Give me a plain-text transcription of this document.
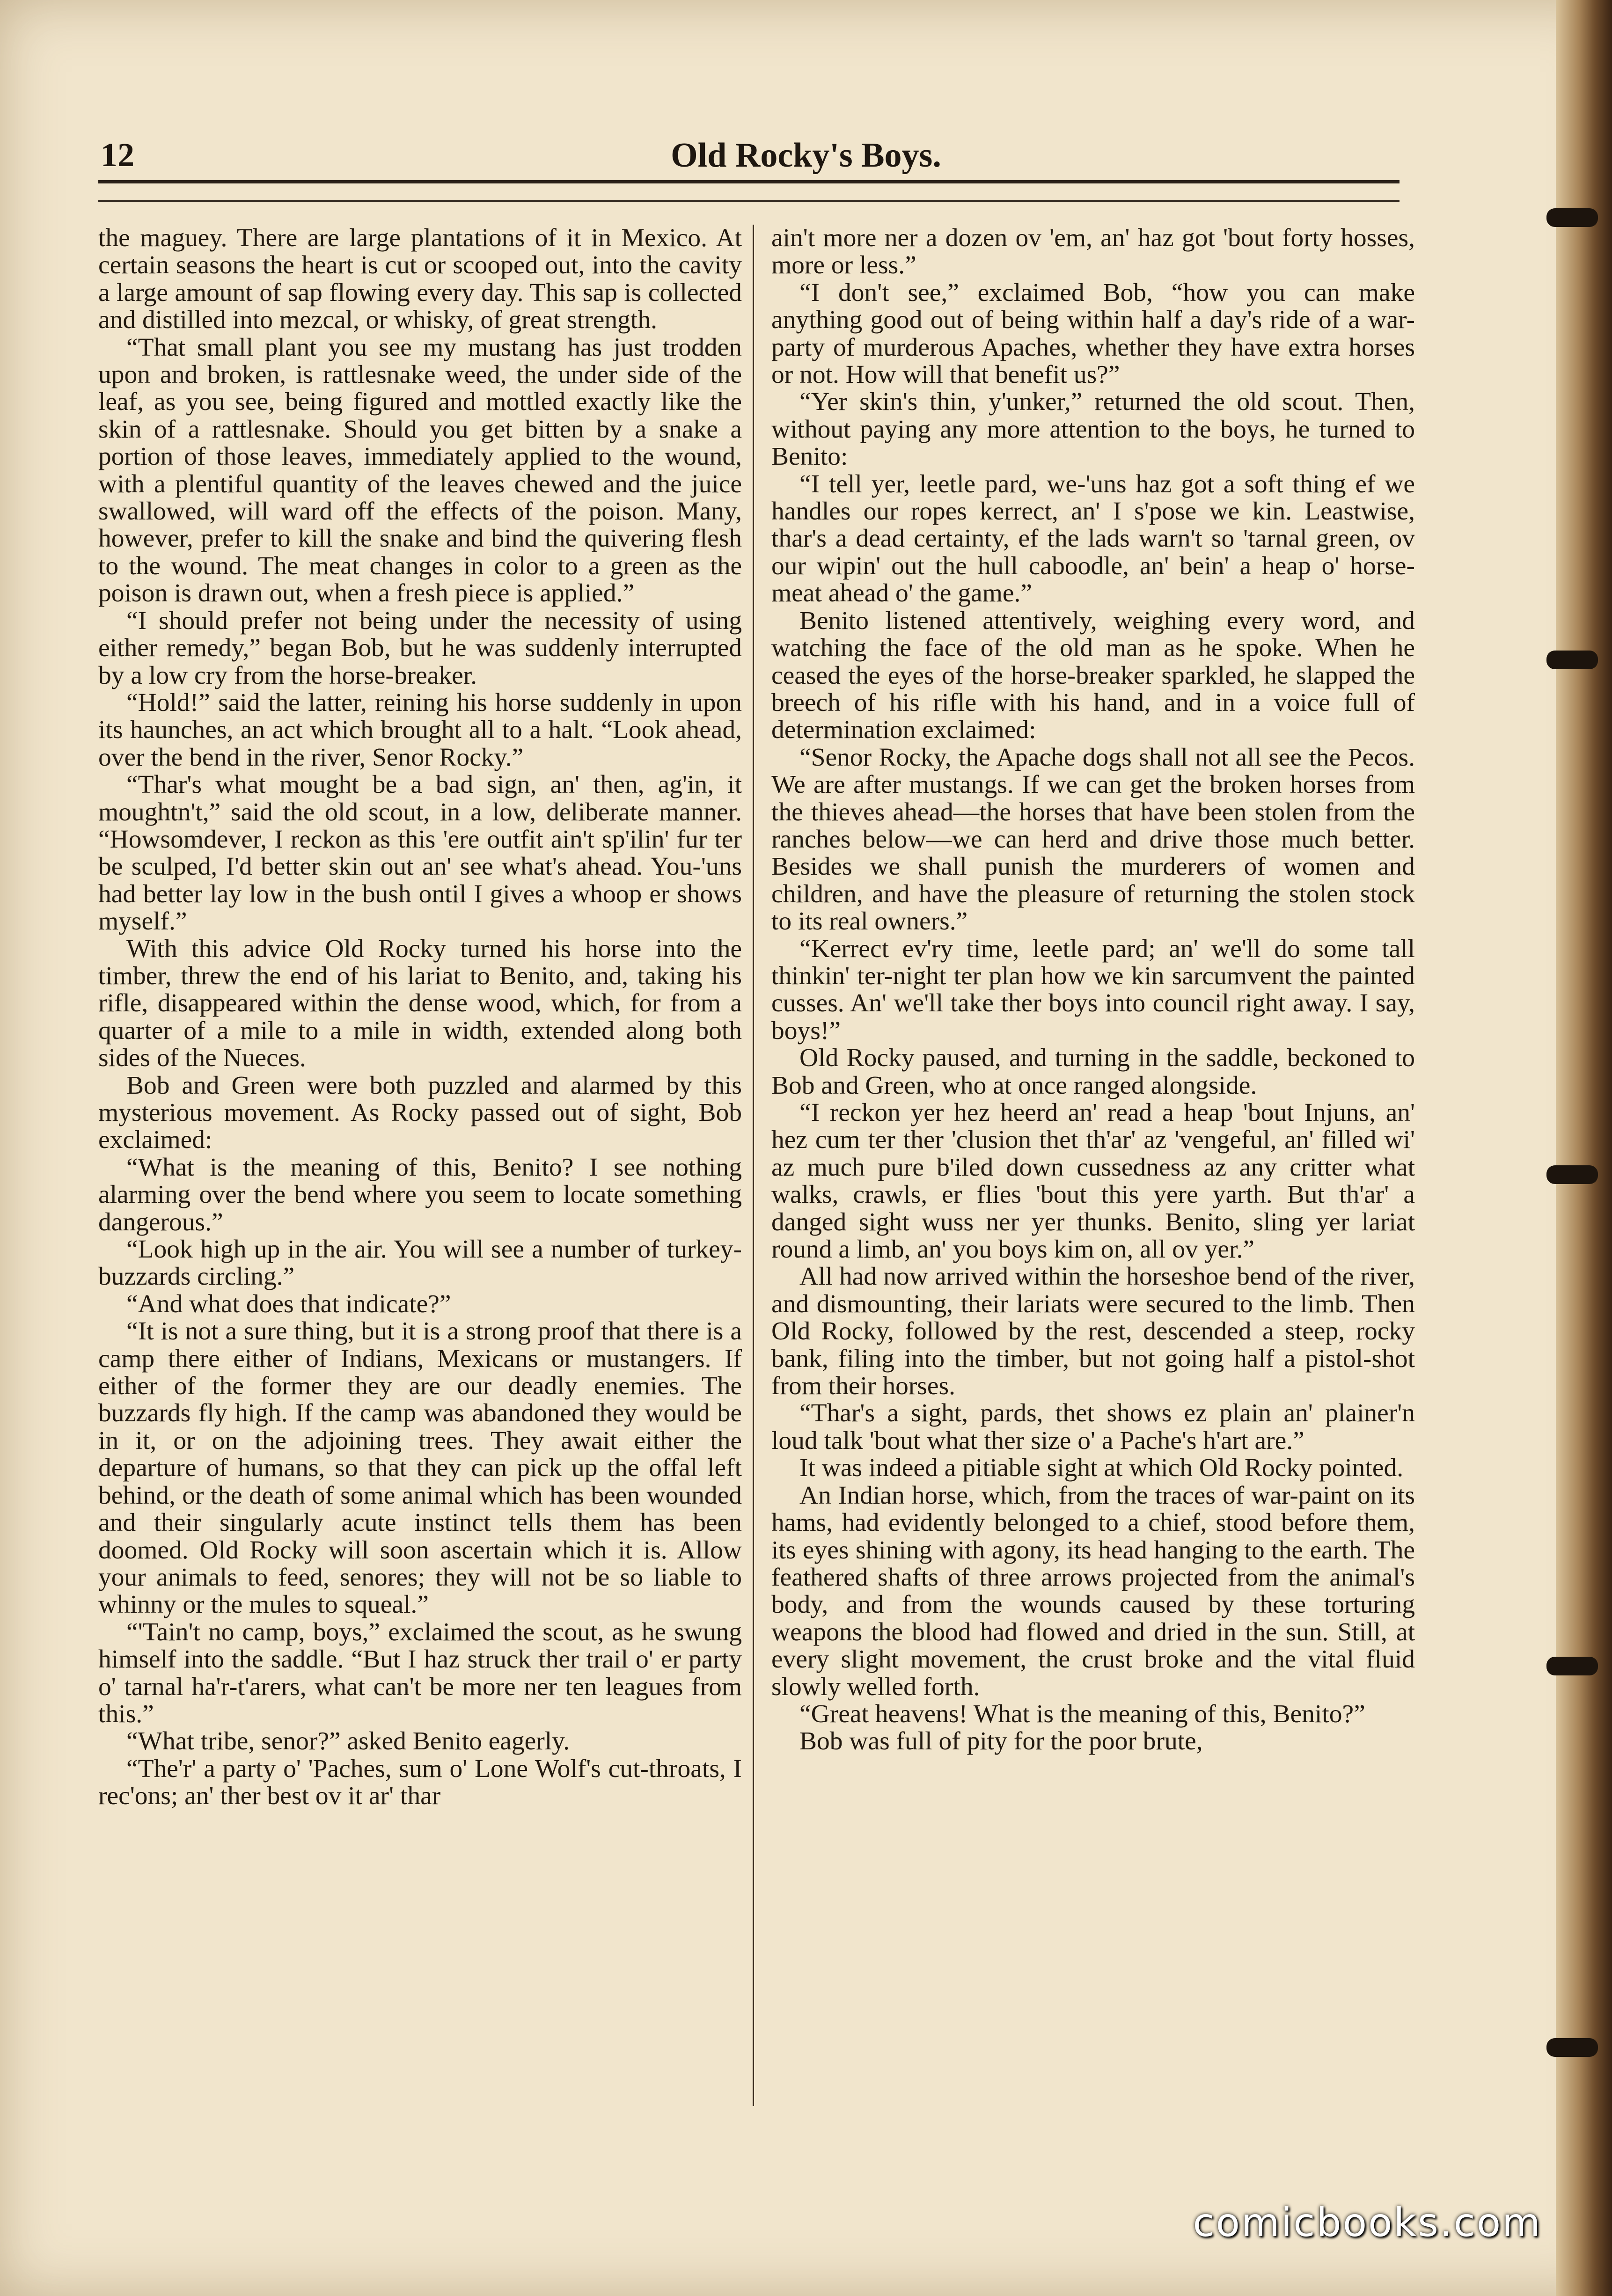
12	Old Rocky's Boys.

the maguey. There are large plantations of it in Mexico. At certain seasons the heart is cut or scooped out, into the cavity a large amount of sap flowing every day. This sap is collected and distilled into mezcal, or whisky, of great strength.

“That small plant you see my mustang has just trodden upon and broken, is rattlesnake weed, the under side of the leaf, as you see, being figured and mottled exactly like the skin of a rattlesnake. Should you get bitten by a snake a portion of those leaves, immediately applied to the wound, with a plentiful quantity of the leaves chewed and the juice swallowed, will ward off the effects of the poison. Many, however, prefer to kill the snake and bind the quivering flesh to the wound. The meat changes in color to a green as the poison is drawn out, when a fresh piece is applied.”

“I should prefer not being under the necessity of using either remedy,” began Bob, but he was suddenly interrupted by a low cry from the horse-breaker.

“Hold!” said the latter, reining his horse suddenly in upon its haunches, an act which brought all to a halt. “Look ahead, over the bend in the river, Senor Rocky.”

“Thar's what mought be a bad sign, an' then, ag'in, it moughtn't,” said the old scout, in a low, deliberate manner. “Howsomdever, I reckon as this 'ere outfit ain't sp'ilin' fur ter be sculped, I'd better skin out an' see what's ahead. You-'uns had better lay low in the bush ontil I gives a whoop er shows myself.”

With this advice Old Rocky turned his horse into the timber, threw the end of his lariat to Benito, and, taking his rifle, disappeared within the dense wood, which, for from a quarter of a mile to a mile in width, extended along both sides of the Nueces.

Bob and Green were both puzzled and alarmed by this mysterious movement. As Rocky passed out of sight, Bob exclaimed:

“What is the meaning of this, Benito? I see nothing alarming over the bend where you seem to locate something dangerous.”

“Look high up in the air. You will see a number of turkey-buzzards circling.”

“And what does that indicate?”

“It is not a sure thing, but it is a strong proof that there is a camp there either of Indians, Mexicans or mustangers. If either of the former they are our deadly enemies. The buzzards fly high. If the camp was abandoned they would be in it, or on the adjoining trees. They await either the departure of humans, so that they can pick up the offal left behind, or the death of some animal which has been wounded and their singularly acute instinct tells them has been doomed. Old Rocky will soon ascertain which it is. Allow your animals to feed, senores; they will not be so liable to whinny or the mules to squeal.”

“'Tain't no camp, boys,” exclaimed the scout, as he swung himself into the saddle. “But I haz struck ther trail o' er party o' tarnal ha'r-t'arers, what can't be more ner ten leagues from this.”

“What tribe, senor?” asked Benito eagerly.

“The'r' a party o' 'Paches, sum o' Lone Wolf's cut-throats, I rec'ons; an' ther best ov it ar' thar

ain't more ner a dozen ov 'em, an' haz got 'bout forty hosses, more or less.”

“I don't see,” exclaimed Bob, “how you can make anything good out of being within half a day's ride of a war-party of murderous Apaches, whether they have extra horses or not. How will that benefit us?”

“Yer skin's thin, y'unker,” returned the old scout. Then, without paying any more attention to the boys, he turned to Benito:

“I tell yer, leetle pard, we-'uns haz got a soft thing ef we handles our ropes kerrect, an' I s'pose we kin. Leastwise, thar's a dead certainty, ef the lads warn't so 'tarnal green, ov our wipin' out the hull caboodle, an' bein' a heap o' horse-meat ahead o' the game.”

Benito listened attentively, weighing every word, and watching the face of the old man as he spoke. When he ceased the eyes of the horse-breaker sparkled, he slapped the breech of his rifle with his hand, and in a voice full of determination exclaimed:

“Senor Rocky, the Apache dogs shall not all see the Pecos. We are after mustangs. If we can get the broken horses from the thieves ahead—the horses that have been stolen from the ranches below—we can herd and drive those much better. Besides we shall punish the murderers of women and children, and have the pleasure of returning the stolen stock to its real owners.”

“Kerrect ev'ry time, leetle pard; an' we'll do some tall thinkin' ter-night ter plan how we kin sarcumvent the painted cusses. An' we'll take ther boys into council right away. I say, boys!”

Old Rocky paused, and turning in the saddle, beckoned to Bob and Green, who at once ranged alongside.

“I reckon yer hez heerd an' read a heap 'bout Injuns, an' hez cum ter ther 'clusion thet th'ar' az 'vengeful, an' filled wi' az much pure b'iled down cussedness az any critter what walks, crawls, er flies 'bout this yere yarth. But th'ar' a danged sight wuss ner yer thunks. Benito, sling yer lariat round a limb, an' you boys kim on, all ov yer.”

All had now arrived within the horseshoe bend of the river, and dismounting, their lariats were secured to the limb. Then Old Rocky, followed by the rest, descended a steep, rocky bank, filing into the timber, but not going half a pistol-shot from their horses.

“Thar's a sight, pards, thet shows ez plain an' plainer'n loud talk 'bout what ther size o' a Pache's h'art are.”

It was indeed a pitiable sight at which Old Rocky pointed.

An Indian horse, which, from the traces of war-paint on its hams, had evidently belonged to a chief, stood before them, its eyes shining with agony, its head hanging to the earth. The feathered shafts of three arrows projected from the animal's body, and from the wounds caused by these torturing weapons the blood had flowed and dried in the sun. Still, at every slight movement, the crust broke and the vital fluid slowly welled forth.

“Great heavens! What is the meaning of this, Benito?”

Bob was full of pity for the poor brute,

comicbooks.com
